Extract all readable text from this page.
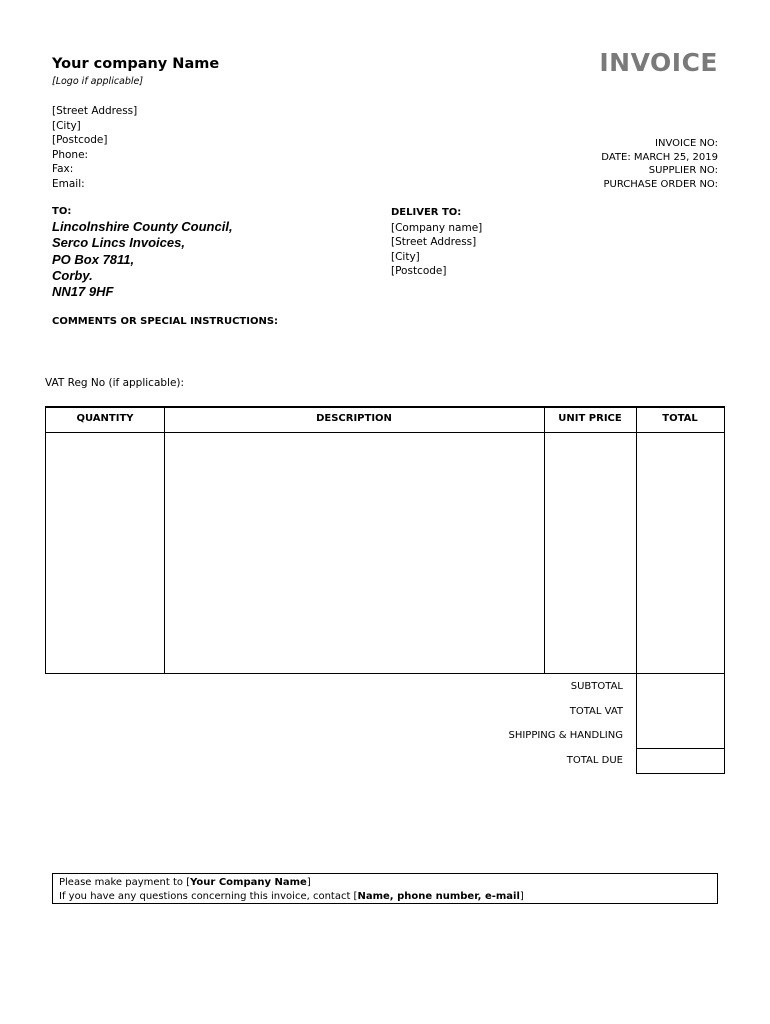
Your company Name
[Logo if applicable]
INVOICE
[Street Address]
[City]
[Postcode]
Phone:
Fax:
Email:
INVOICE NO:
DATE: MARCH 25, 2019
SUPPLIER NO:
PURCHASE ORDER NO:
TO:
Lincolnshire County Council,
Serco Lincs Invoices,
PO Box 7811,
Corby.
NN17 9HF
DELIVER TO:
[Company name]
[Street Address]
[City]
[Postcode]
COMMENTS OR SPECIAL INSTRUCTIONS:
VAT Reg No (if applicable):
QUANTITY	DESCRIPTION	UNIT PRICE	TOTAL
SUBTOTAL
TOTAL VAT
SHIPPING & HANDLING
TOTAL DUE
Please make payment to [Your Company Name]
If you have any questions concerning this invoice, contact [Name, phone number, e-mail]
